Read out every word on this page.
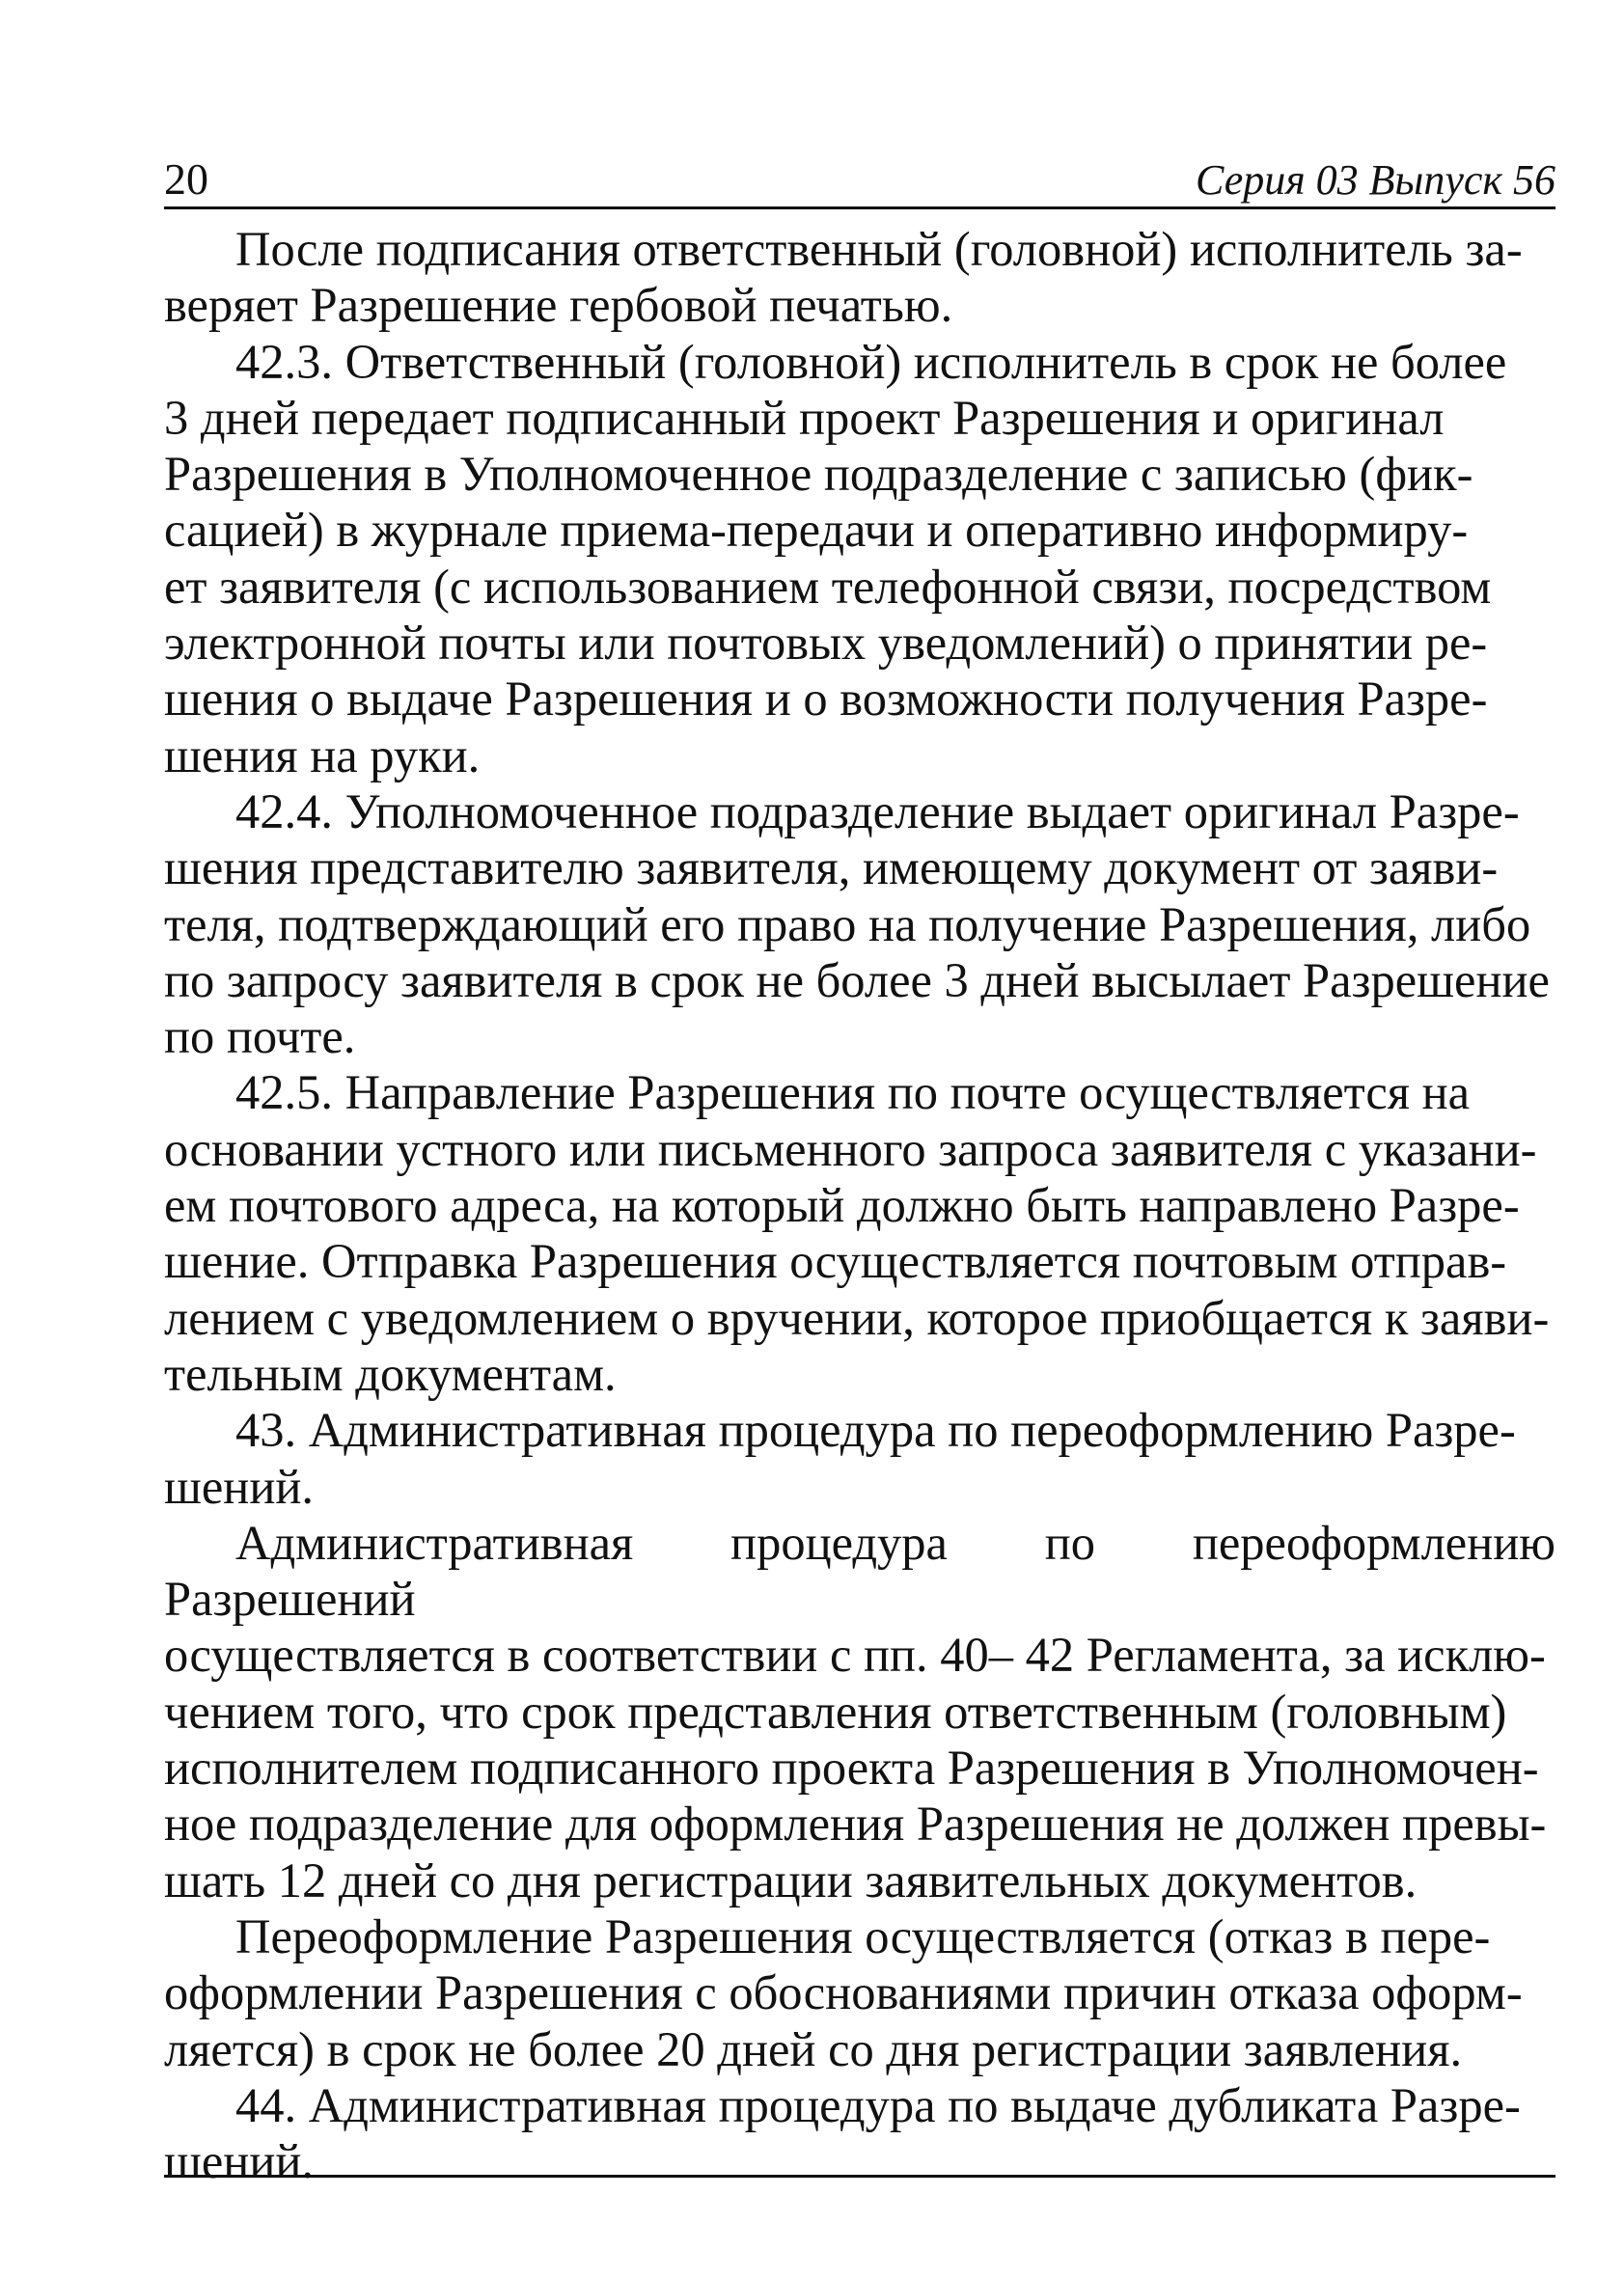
20	Серия 03 Выпуск 56

После подписания ответственный (головной) исполнитель за-
веряет Разрешение гербовой печатью.

42.3. Ответственный (головной) исполнитель в срок не более
3 дней передает подписанный проект Разрешения и оригинал
Разрешения в Уполномоченное подразделение с записью (фик-
сацией) в журнале приема-передачи и оперативно информиру-
ет заявителя (с использованием телефонной связи, посредством
электронной почты или почтовых уведомлений) о принятии ре-
шения о выдаче Разрешения и о возможности получения Разре-
шения на руки.

42.4. Уполномоченное подразделение выдает оригинал Разре-
шения представителю заявителя, имеющему документ от заяви-
теля, подтверждающий его право на получение Разрешения, либо
по запросу заявителя в срок не более 3 дней высылает Разрешение
по почте.

42.5. Направление Разрешения по почте осуществляется на
основании устного или письменного запроса заявителя с указани-
ем почтового адреса, на который должно быть направлено Разре-
шение. Отправка Разрешения осуществляется почтовым отправ-
лением с уведомлением о вручении, которое приобщается к заяви-
тельным документам.

43. Административная процедура по переоформлению Разре-
шений.

Административная процедура по переоформлению Разрешений
осуществляется в соответствии с пп. 40– 42 Регламента, за исклю-
чением того, что срок представления ответственным (головным)
исполнителем подписанного проекта Разрешения в Уполномочен-
ное подразделение для оформления Разрешения не должен превы-
шать 12 дней со дня регистрации заявительных документов.

Переоформление Разрешения осуществляется (отказ в пере-
оформлении Разрешения с обоснованиями причин отказа оформ-
ляется) в срок не более 20 дней со дня регистрации заявления.

44. Административная процедура по выдаче дубликата Разре-
шений.
